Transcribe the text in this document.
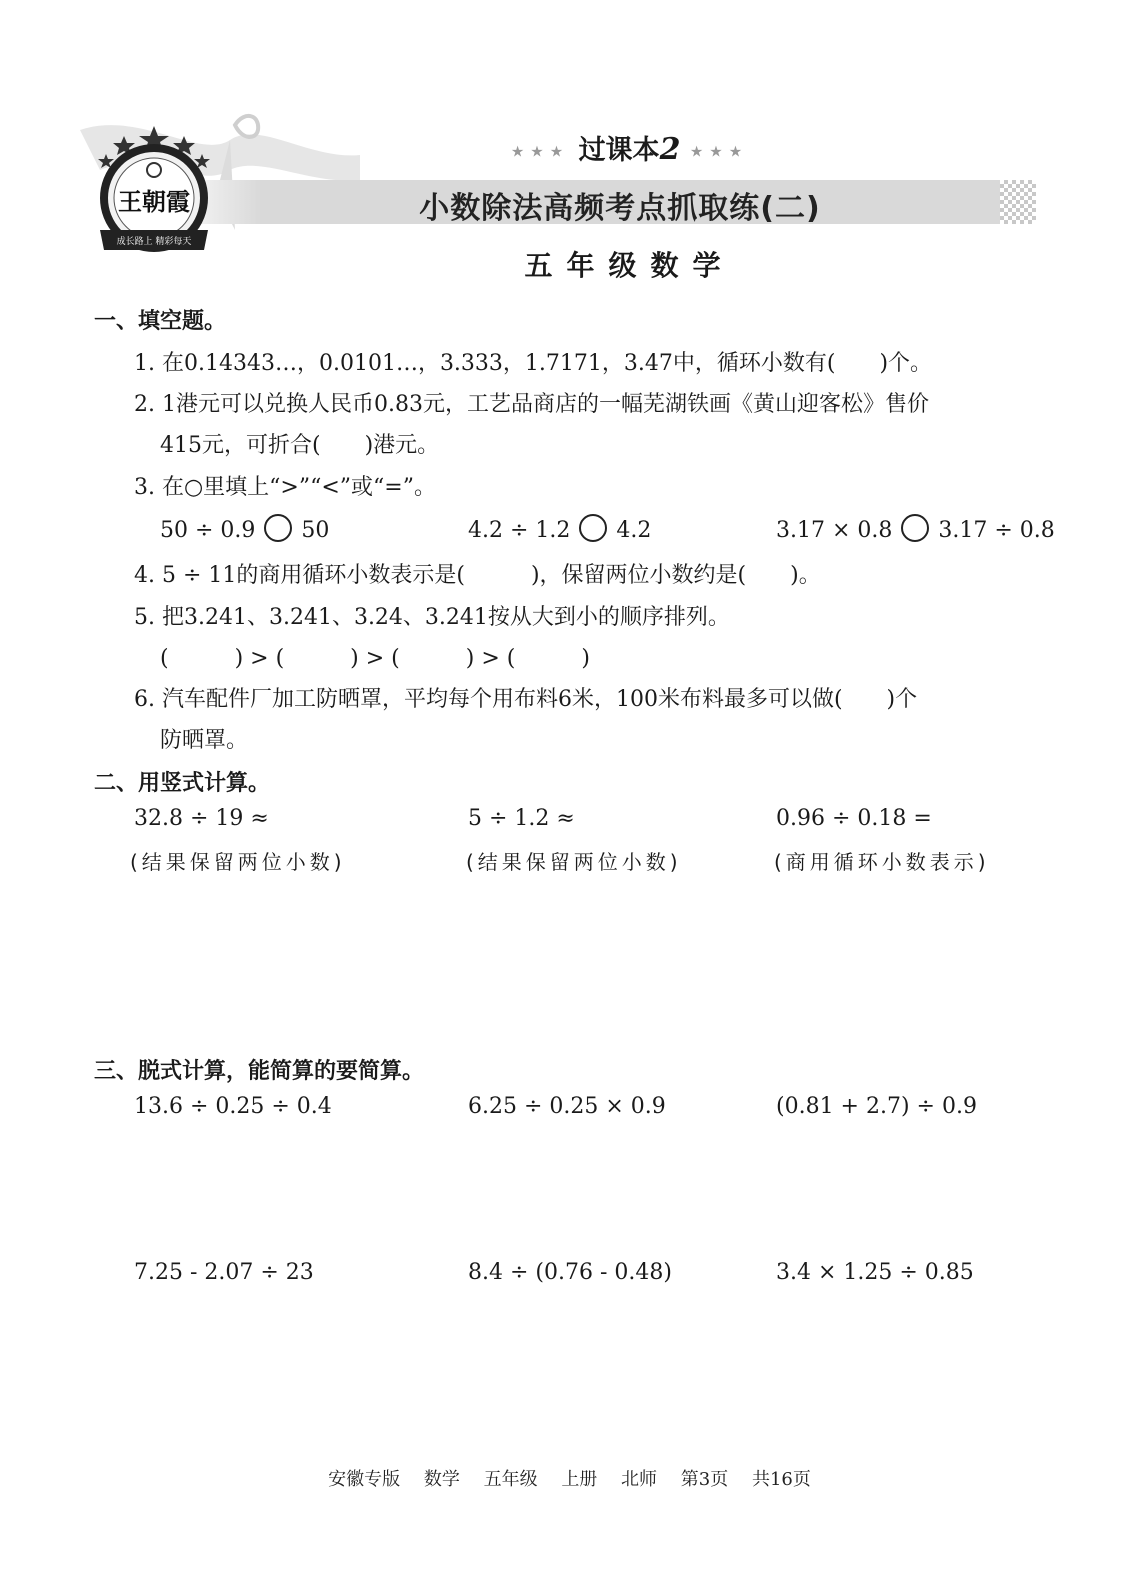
成长路上 精彩每天
王朝霞
★★★ 过课本2 ★★★
小数除法高频考点抓取练(二)
五年级数学
一、填空题。
1. 在0.14343…，0.0101…，3.333，1.7171，3.47中，循环小数有(　　)个。
2. 1港元可以兑换人民币0.83元，工艺品商店的一幅芜湖铁画《黄山迎客松》售价
415元，可折合(　　)港元。
3. 在○里填上“>”“<”或“=”。
50 ÷ 0.9 50	4.2 ÷ 1.2 4.2	3.17 × 0.8 3.17 ÷ 0.8
4. 5 ÷ 11的商用循环小数表示是(　　　)，保留两位小数约是(　　)。
5. 把3.241、3.241、3.24、3.241按从大到小的顺序排列。
(　　　) > (　　　) > (　　　) > (　　　)
6. 汽车配件厂加工防晒罩，平均每个用布料6米，100米布料最多可以做(　　)个
防晒罩。
二、用竖式计算。
32.8 ÷ 19 ≈	5 ÷ 1.2 ≈	0.96 ÷ 0.18 =
(结果保留两位小数)	(结果保留两位小数)	(商用循环小数表示)
三、脱式计算，能简算的要简算。
13.6 ÷ 0.25 ÷ 0.4	6.25 ÷ 0.25 × 0.9	(0.81 + 2.7) ÷ 0.9
7.25 - 2.07 ÷ 23	8.4 ÷ (0.76 - 0.48)	3.4 × 1.25 ÷ 0.85
安徽专版 数学 五年级 上册 北师 第3页 共16页
